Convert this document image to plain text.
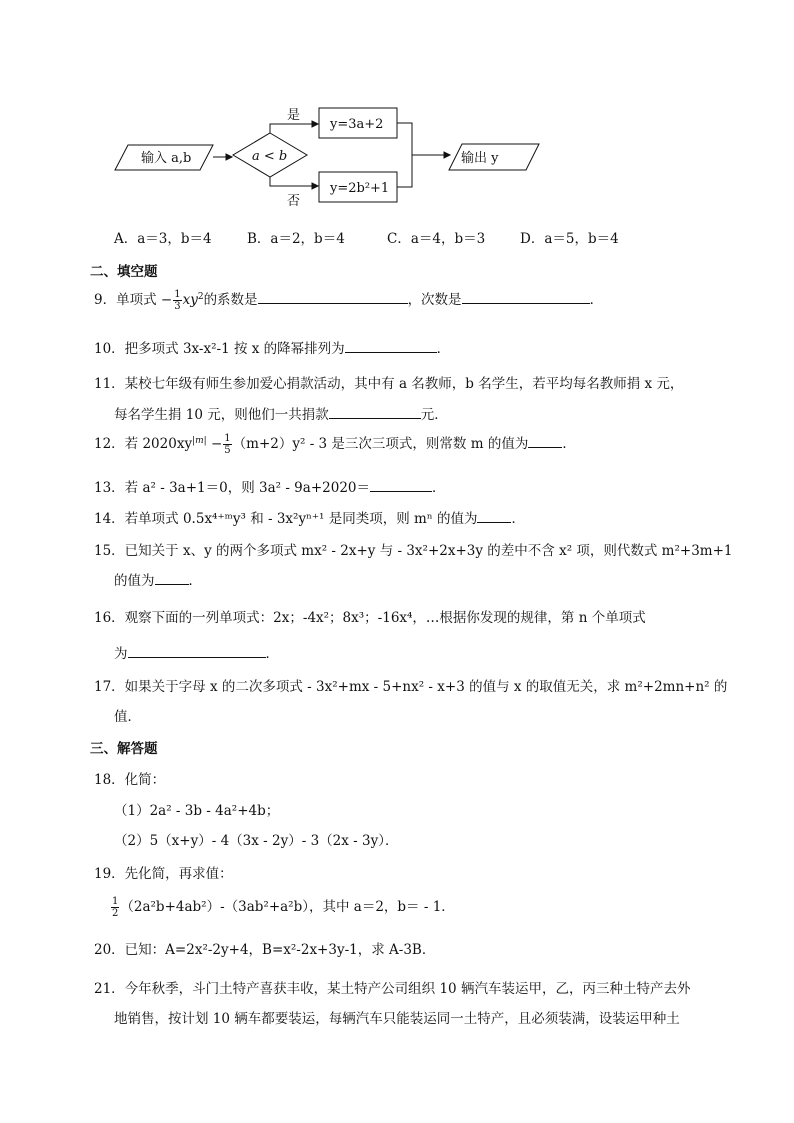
输入 a,b	a < b
是
否
y=3a+2
y=2b²+1
输出 y
A．a＝3，b＝4	B．a＝2，b＝4	C．a＝4，b＝3	D．a＝5，b＝4
二、填空题
9．单项式 − $\frac{1}{3} xy^2$的系数是	，次数是	．
10．把多项式 3x-x²-1 按 x 的降幂排列为	．
11．某校七年级有师生参加爱心捐款活动，其中有 a 名教师，b 名学生，若平均每名教师捐 x 元，
每名学生捐 10 元，则他们一共捐款	元．
12．若 $2020xy^{|m|} - \frac{1}{5} (m+2)y^2 - 3$ 是三次三项式，则常数 m 的值为	．
13．若 a² - 3a+1＝0，则 3a² - 9a+2020＝	．
14．若单项式 0.5x⁴⁺ᵐy³ 和 - 3x²yⁿ⁺¹ 是同类项，则 mⁿ 的值为	．
15．已知关于 x、y 的两个多项式 mx² - 2x+y 与 - 3x²+2x+3y 的差中不含 x² 项，则代数式 m²+3m+1
的值为	．
16．观察下面的一列单项式：2x；-4x²；8x³；-16x⁴，…根据你发现的规律，第 n 个单项式
为	．
17．如果关于字母 x 的二次多项式 - 3x²+mx - 5+nx² - x+3 的值与 x 的取值无关，求 m²+2mn+n² 的
值．
三、解答题
18．化简：
（1）2a² - 3b - 4a²+4b；
（2）5（x+y）- 4（3x - 2y）- 3（2x - 3y）．
19．先化简，再求值：
$\frac{1}{2} (2a^2b+4ab^2)-(3ab^2+a^2b)$，其中 a＝2，b＝ - 1．
20．已知：A=2x²-2y+4，B=x²-2x+3y-1，求 A-3B．
21．今年秋季，斗门土特产喜获丰收，某土特产公司组织 10 辆汽车装运甲，乙，丙三种土特产去外
地销售，按计划 10 辆车都要装运，每辆汽车只能装运同一土特产，且必须装满，设装运甲种土
